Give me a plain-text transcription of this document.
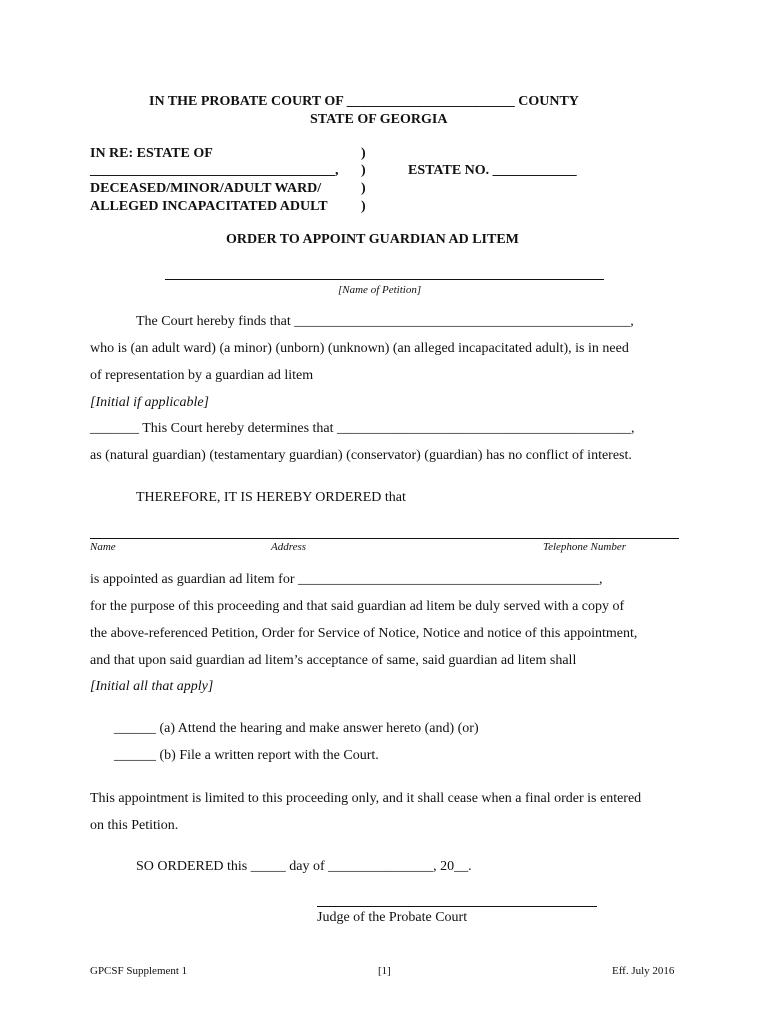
IN THE PROBATE COURT OF ________________________ COUNTY
STATE OF GEORGIA
IN RE: ESTATE OF
___________________________________,
DECEASED/MINOR/ADULT WARD/
ALLEGED INCAPACITATED ADULT
)
)
)
)
ESTATE NO. ____________
ORDER TO APPOINT GUARDIAN AD LITEM
[Name of Petition]
The Court hereby finds that ________________________________________________,
who is (an adult ward) (a minor) (unborn) (unknown) (an alleged incapacitated adult), is in need
of representation by a guardian ad litem
[Initial if applicable]
_______ This Court hereby determines that __________________________________________,
as (natural guardian) (testamentary guardian) (conservator) (guardian) has no conflict of interest.
THEREFORE, IT IS HEREBY ORDERED that
Name	Address	Telephone Number
is appointed as guardian ad litem for ___________________________________________,
for the purpose of this proceeding and that said guardian ad litem be duly served with a copy of
the above-referenced Petition, Order for Service of Notice, Notice and notice of this appointment,
and that upon said guardian ad litem’s acceptance of same, said guardian ad litem shall
[Initial all that apply]
______ (a) Attend the hearing and make answer hereto (and) (or)
______ (b) File a written report with the Court.
This appointment is limited to this proceeding only, and it shall cease when a final order is entered
on this Petition.
SO ORDERED this _____ day of _______________, 20__.
Judge of the Probate Court
GPCSF Supplement 1	[1]	Eff. July 2016
